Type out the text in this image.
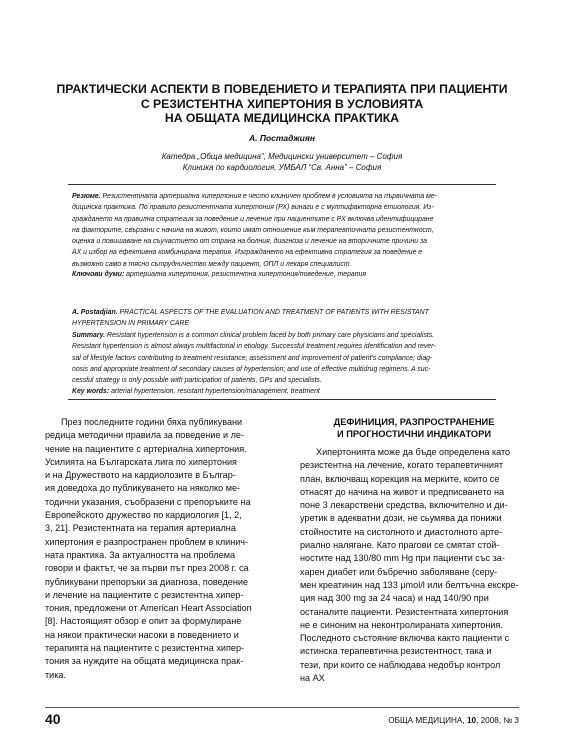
ПРАКТИЧЕСКИ АСПЕКТИ В ПОВЕДЕНИЕТО И ТЕРАПИЯТА ПРИ ПАЦИЕНТИ
С РЕЗИСТЕНТНА ХИПЕРТОНИЯ В УСЛОВИЯТА
НА ОБЩАТА МЕДИЦИНСКА ПРАКТИКА
А. Постаджиян
Катедра „Обща медицина“, Медицински университет – София
Клиника по кардиология, УМБАЛ “Св. Анна” – София
Резюме. Резистентната артериална хипертония е често клиничен проблем в условията на първичната ме-
дицинска практика. По правило резистентната хипертония (РХ) винаги е с мултифакторна етиология. Из-
граждането на правилна стратегия за поведение и лечение при пациентите с РХ включва идентифициране
на факторите, свързани с начина на живот, които имат отношение към терапевтичната резистентност,
оценка и повишаване на съучастието от страна на болния, диагноза и лечение на вторичните причини за
АХ и избор на ефективна комбинирана терапия. Изграждането на ефективна стратегия за поведение е
възможно само в тясно сътрудничество между пациент, ОПЛ и лекаря специалист.
Ключови думи: артериална хипертония, резистентна хипертония/поведение, терапия
A. Postadjian. PRACTICAL ASPECTS OF THE EVALUATION AND TREATMENT OF PATIENTS WITH RESISTANT
HYPERTENSION IN PRIMARY CARE
Summary. Resistant hypertension is a common clinical problem faced by both primary care physicians and specialists.
Resistant hypertension is almost always multifactorial in etiology. Successful treatment requires identification and rever-
sal of lifestyle factors contributing to treatment resistance; assessment and improvement of patient’s compliance; diag-
nosis and appropriate treatment of secondary causes of hypertension; and use of effective multidrug regimens. A suc-
cessful strategy is only possible with participation of patients, GPs and specialists.
Key words: arterial hypertension, resistant hypertension/management, treatment
През последните години бяха публикувани
редица методични правила за поведение и ле-
чение на пациентите с артериална хипертония.
Усилията на Българската лига по хипертония
и на Дружеството на кардиолозите в Българ-
ия доведоха до публикуването на няколко ме-
тодични указания, съобразени с препоръките на
Европейското дружество по кардиология [1, 2,
3, 21]. Резистентната на терапия артериална
хипертония е разпространен проблем в клинич-
ната практика. За актуалността на проблема
говори и фактът, че за първи път през 2008 г. са
публикувани препоръки за диагноза, поведение
и лечение на пациентите с резистентна хипер-
тония, предложени от American Heart Association
[8]. Настоящият обзор е опит за формулиране
на някои практически насоки в поведението и
терапията на пациентите с резистентна хипер-
тония за нуждите на общата медицинска прак-
тика.
ДЕФИНИЦИЯ, РАЗПРОСТРАНЕНИЕ
И ПРОГНОСТИЧНИ ИНДИКАТОРИ
Хипертонията може да бъде определена като
резистентна на лечение, когато терапевтичният
план, включващ корекция на мерките, които се
отнасят до начина на живот и предписването на
поне 3 лекарствени средства, включително и ди-
уретик в адекватни дози, не сьумява да понижи
стойностите на систолното и диастолното арте-
риално налягане. Като прагови се смятат стой-
ностите над 130/80 mm Hg при пациенти със за-
харен диабет или бъбречно заболяване (серу-
мен креатинин над 133 μmol/l или белтъчна екскре-
ция над 300 mg за 24 часа) и над 140/90 при
останалите пациенти. Резистентната хипертония
не е синоним на неконтролираната хипертония.
Последното състояние включва както пациенти с
истинска терапевтична резистентност, така и
тези, при които се наблюдава недобър контрол
на АХ
40	ОБЩА МЕДИЦИНА, 10, 2008, № 3
